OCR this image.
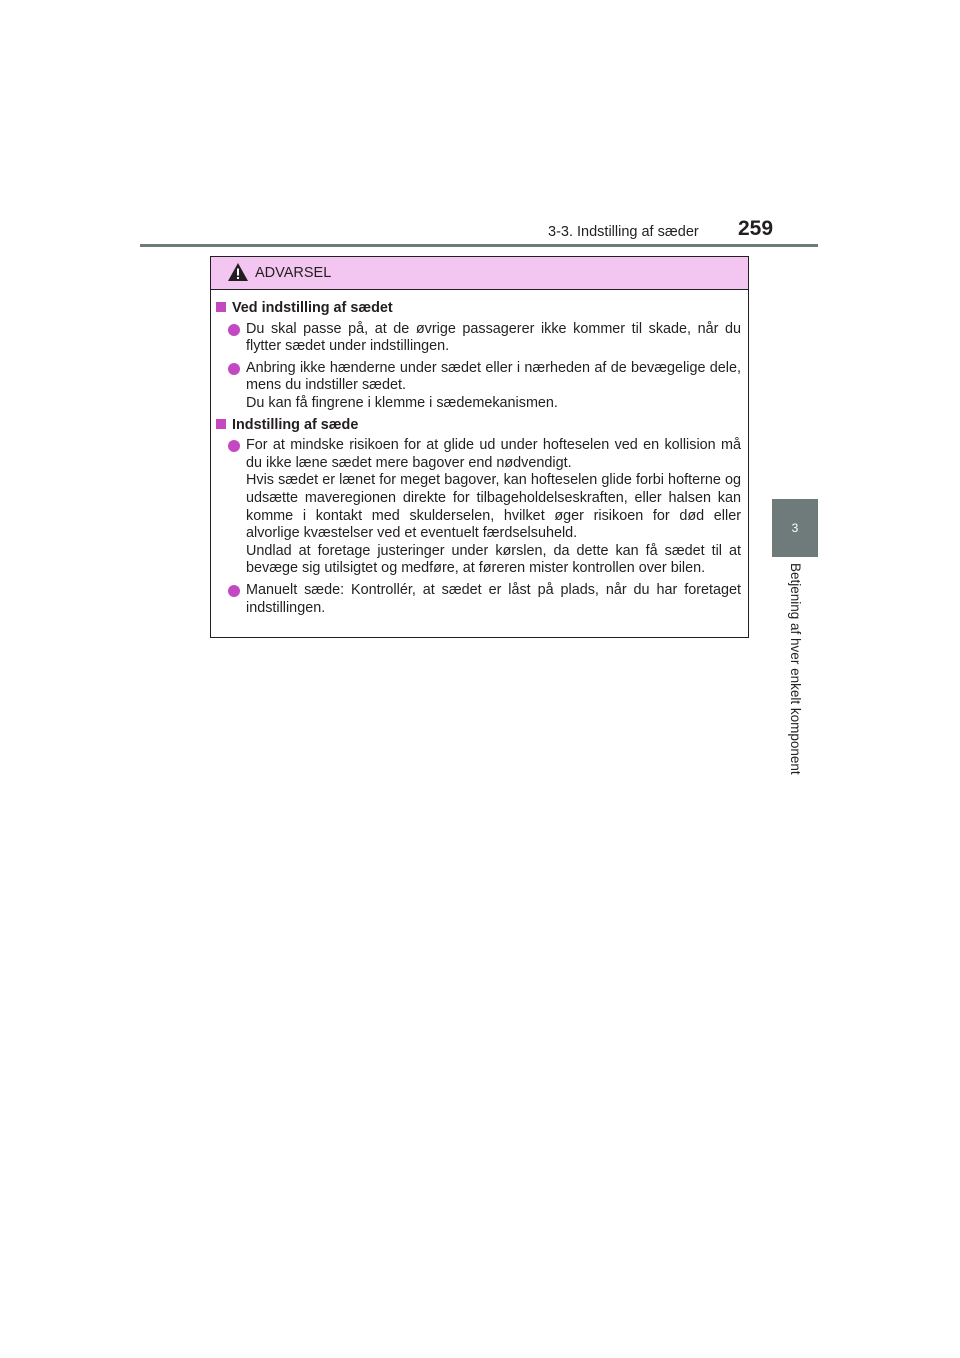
3-3. Indstilling af sæder 259
3
Betjening af hver enkelt komponent
ADVARSEL
Ved indstilling af sædet

Du skal passe på, at de øvrige passagerer ikke kommer til skade, når du flytter sædet under indstillingen.

Anbring ikke hænderne under sædet eller i nærheden af de bevægelige dele, mens du indstiller sædet.

Du kan få fingrene i klemme i sædemekanismen.

Indstilling af sæde

For at mindske risikoen for at glide ud under hofteselen ved en kollision må du ikke læne sædet mere bagover end nødvendigt.

Hvis sædet er lænet for meget bagover, kan hofteselen glide forbi hofterne og udsætte maveregionen direkte for tilbageholdelseskraften, eller halsen kan komme i kontakt med skulderselen, hvilket øger risikoen for død eller alvorlige kvæstelser ved et eventuelt færdselsuheld.

Undlad at foretage justeringer under kørslen, da dette kan få sædet til at bevæge sig utilsigtet og medføre, at føreren mister kontrollen over bilen.

Manuelt sæde: Kontrollér, at sædet er låst på plads, når du har foretaget indstillingen.
